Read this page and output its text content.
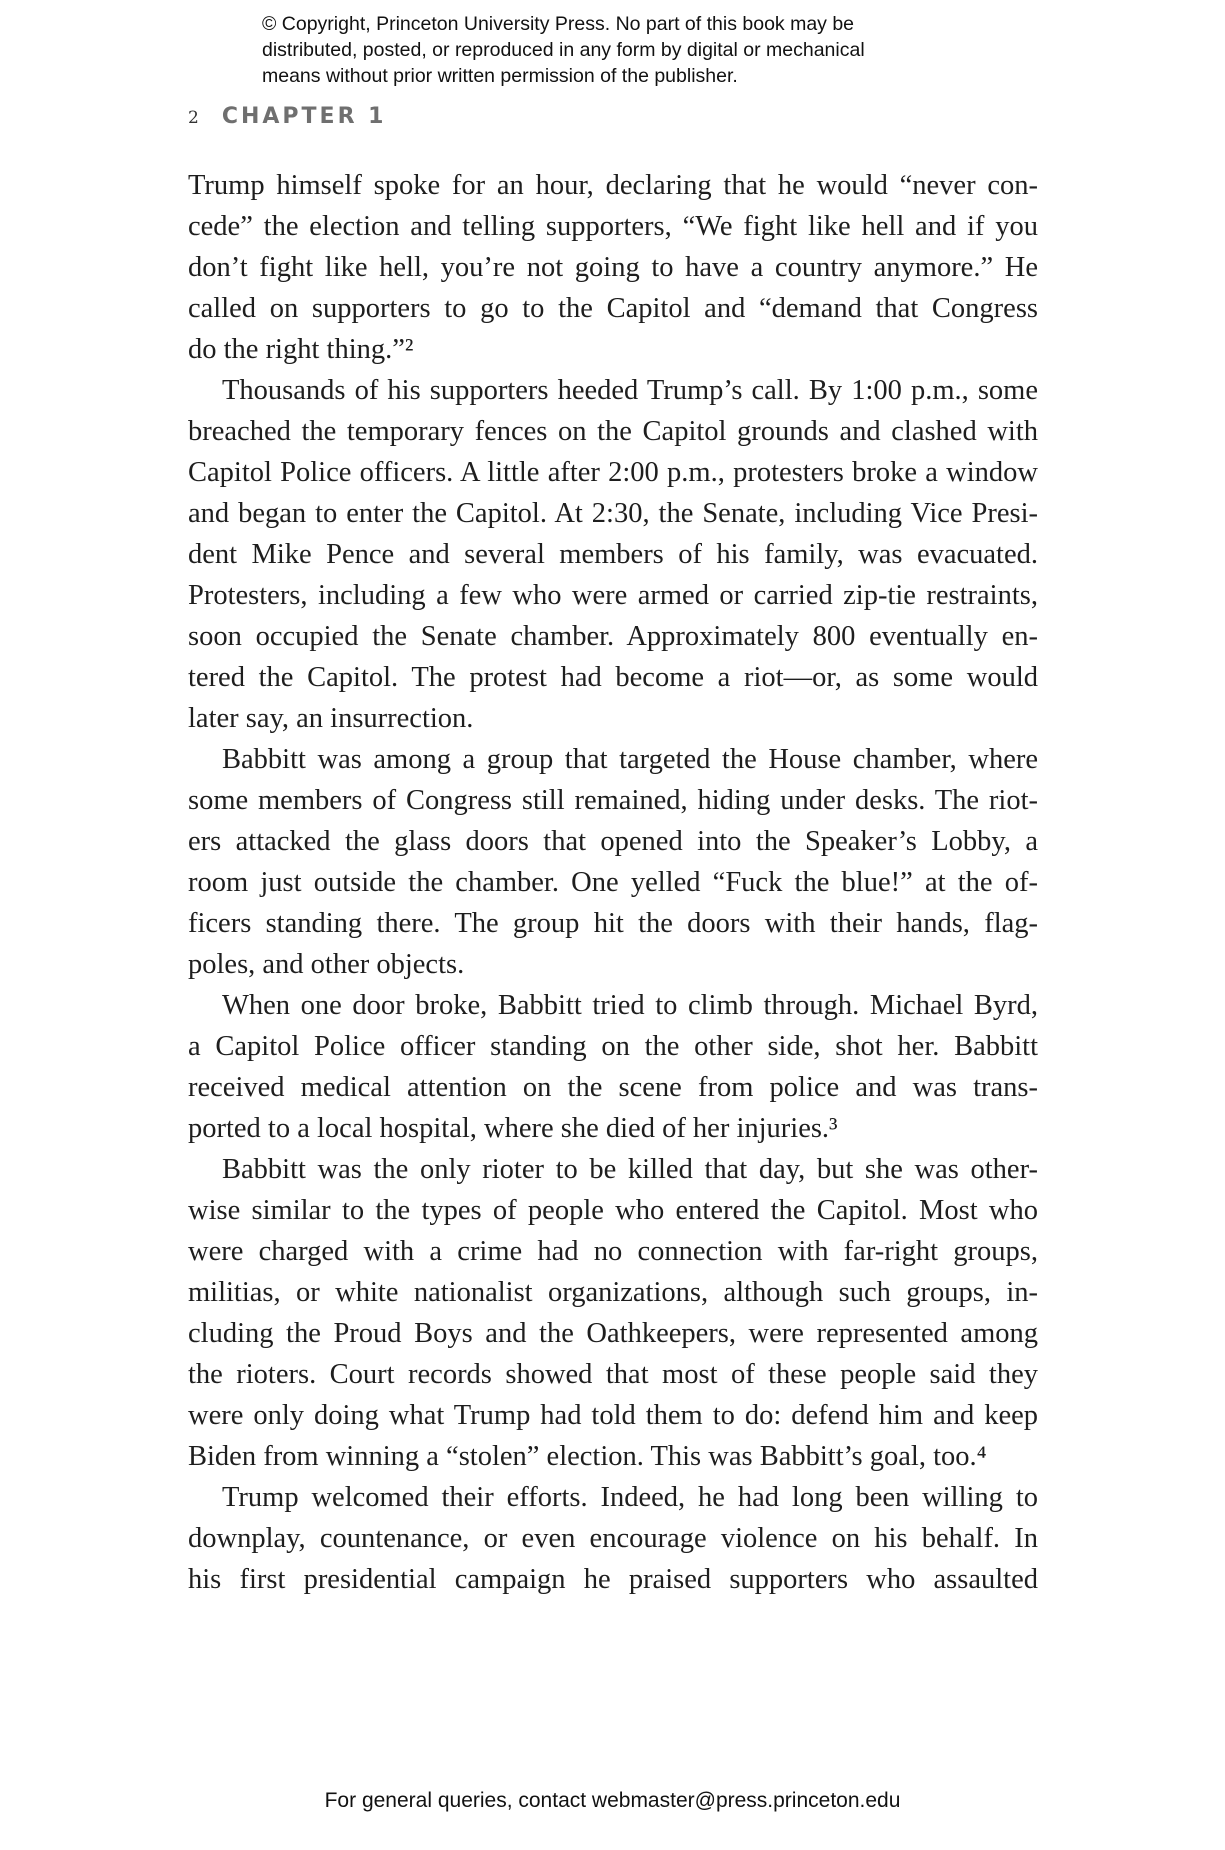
© Copyright, Princeton University Press. No part of this book may be
distributed, posted, or reproduced in any form by digital or mechanical
means without prior written permission of the publisher.
2 CHAPTER 1
Trump himself spoke for an hour, declaring that he would “never con-
cede” the election and telling supporters, “We fight like hell and if you
don’t fight like hell, you’re not going to have a country anymore.” He
called on supporters to go to the Capitol and “demand that Congress
do the right thing.”²
Thousands of his supporters heeded Trump’s call. By 1:00 p.m., some
breached the temporary fences on the Capitol grounds and clashed with
Capitol Police officers. A little after 2:00 p.m., protesters broke a window
and began to enter the Capitol. At 2:30, the Senate, including Vice Presi-
dent Mike Pence and several members of his family, was evacuated.
Protesters, including a few who were armed or carried zip-tie restraints,
soon occupied the Senate chamber. Approximately 800 eventually en-
tered the Capitol. The protest had become a riot—or, as some would
later say, an insurrection.
Babbitt was among a group that targeted the House chamber, where
some members of Congress still remained, hiding under desks. The riot-
ers attacked the glass doors that opened into the Speaker’s Lobby, a
room just outside the chamber. One yelled “Fuck the blue!” at the of-
ficers standing there. The group hit the doors with their hands, flag-
poles, and other objects.
When one door broke, Babbitt tried to climb through. Michael Byrd,
a Capitol Police officer standing on the other side, shot her. Babbitt
received medical attention on the scene from police and was trans-
ported to a local hospital, where she died of her injuries.³
Babbitt was the only rioter to be killed that day, but she was other-
wise similar to the types of people who entered the Capitol. Most who
were charged with a crime had no connection with far-right groups,
militias, or white nationalist organizations, although such groups, in-
cluding the Proud Boys and the Oathkeepers, were represented among
the rioters. Court records showed that most of these people said they
were only doing what Trump had told them to do: defend him and keep
Biden from winning a “stolen” election. This was Babbitt’s goal, too.⁴
Trump welcomed their efforts. Indeed, he had long been willing to
downplay, countenance, or even encourage violence on his behalf. In
his first presidential campaign he praised supporters who assaulted
For general queries, contact webmaster@press.princeton.edu
